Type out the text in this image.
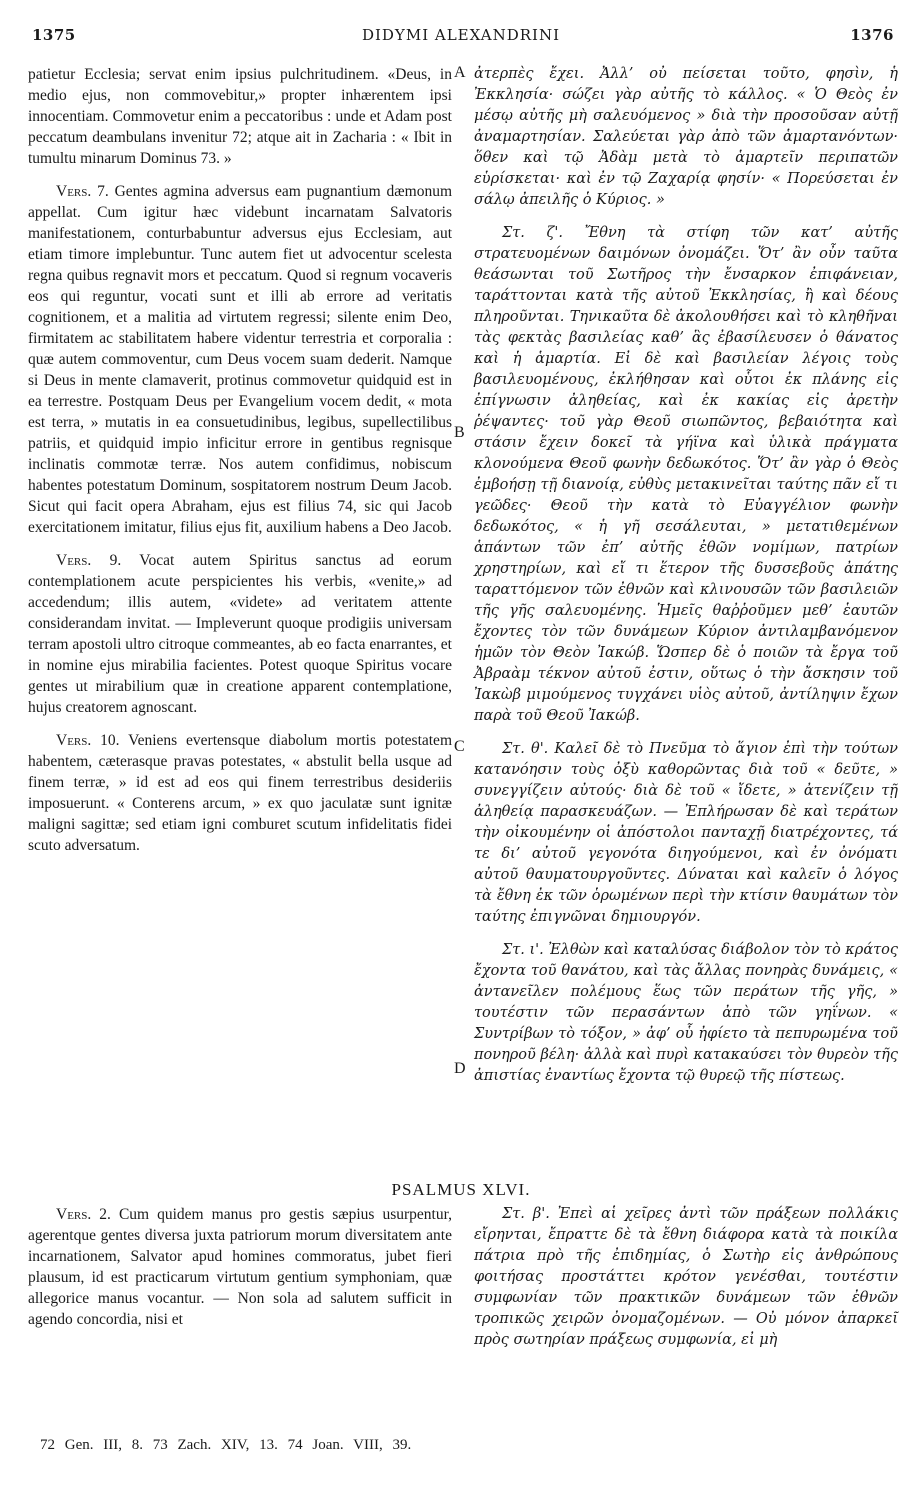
1375	DIDYMI ALEXANDRINI	1376

patietur Ecclesia; servat enim ipsius pulchritudinem. «Deus, in medio ejus, non commovebitur,» propter inhærentem ipsi innocentiam. Commovetur enim a peccatoribus : unde et Adam post peccatum deambulans invenitur 72; atque ait in Zacharia : « Ibit in tumultu minarum Dominus 73. »

Vers. 7. Gentes agmina adversus eam pugnantium dæmonum appellat. Cum igitur hæc videbunt incarnatam Salvatoris manifestationem, conturbabuntur adversus ejus Ecclesiam, aut etiam timore implebuntur. Tunc autem fiet ut advocentur scelesta regna quibus regnavit mors et peccatum. Quod si regnum vocaveris eos qui reguntur, vocati sunt et illi ab errore ad veritatis cognitionem, et a malitia ad virtutem regressi; silente enim Deo, firmitatem ac stabilitatem habere videntur terrestria et corporalia : quæ autem commoventur, cum Deus vocem suam dederit. Namque si Deus in mente clamaverit, protinus commovetur quidquid est in ea terrestre. Postquam Deus per Evangelium vocem dedit, « mota est terra, » mutatis in ea consuetudinibus, legibus, supellectilibus patriis, et quidquid impio inficitur errore in gentibus regnisque inclinatis commotæ terræ. Nos autem confidimus, nobiscum habentes potestatum Dominum, sospitatorem nostrum Deum Jacob. Sicut qui facit opera Abraham, ejus est filius 74, sic qui Jacob exercitationem imitatur, filius ejus fit, auxilium habens a Deo Jacob.

Vers. 9. Vocat autem Spiritus sanctus ad eorum contemplationem acute perspicientes his verbis, «venite,» ad accedendum; illis autem, «videte» ad veritatem attente considerandam invitat. — Impleverunt quoque prodigiis universam terram apostoli ultro citroque commeantes, ab eo facta enarrantes, et in nomine ejus mirabilia facientes. Potest quoque Spiritus vocare gentes ut mirabilium quæ in creatione apparent contemplatione, hujus creatorem agnoscant.

Vers. 10. Veniens evertensque diabolum mortis potestatem habentem, cæterasque pravas potestates, « abstulit bella usque ad finem terræ, » id est ad eos qui finem terrestribus desideriis imposuerunt. « Conterens arcum, » ex quo jaculatæ sunt ignitæ maligni sagittæ; sed etiam igni comburet scutum infidelitatis fidei scuto adversatum.

ἀτερπὲς ἔχει. Ἀλλ’ οὐ πείσεται τοῦτο, φησὶν, ἡ Ἐκκλησία· σώζει γὰρ αὐτῆς τὸ κάλλος. « Ὁ Θεὸς ἐν μέσῳ αὐτῆς μὴ σαλευόμενος » διὰ τὴν προσοῦσαν αὐτῇ ἀναμαρτησίαν. Σαλεύεται γὰρ ἀπὸ τῶν ἁμαρτανόντων· ὅθεν καὶ τῷ Ἀδὰμ μετὰ τὸ ἁμαρτεῖν περιπατῶν εὑρίσκεται· καὶ ἐν τῷ Ζαχαρίᾳ φησίν· « Πορεύσεται ἐν σάλῳ ἀπειλῆς ὁ Κύριος. »

Στ. ζ'. Ἔθνη τὰ στίφη τῶν κατ’ αὐτῆς στρατευομένων δαιμόνων ὀνομάζει. Ὅτ’ ἂν οὖν ταῦτα θεάσωνται τοῦ Σωτῆρος τὴν ἔνσαρκον ἐπιφάνειαν, ταράττονται κατὰ τῆς αὐτοῦ Ἐκκλησίας, ἢ καὶ δέους πληροῦνται. Τηνικαῦτα δὲ ἀκολουθήσει καὶ τὸ κληθῆναι τὰς φεκτὰς βασιλείας καθ’ ἃς ἐβασίλευσεν ὁ θάνατος καὶ ἡ ἁμαρτία. Εἰ δὲ καὶ βασιλείαν λέγοις τοὺς βασιλευομένους, ἐκλήθησαν καὶ οὗτοι ἐκ πλάνης εἰς ἐπίγνωσιν ἀληθείας, καὶ ἐκ κακίας εἰς ἀρετὴν ῥέψαντες· τοῦ γὰρ Θεοῦ σιωπῶντος, βεβαιότητα καὶ στάσιν ἔχειν δοκεῖ τὰ γήϊνα καὶ ὑλικὰ πράγματα κλονούμενα Θεοῦ φωνὴν δεδωκότος. Ὅτ’ ἂν γὰρ ὁ Θεὸς ἐμβοήσῃ τῇ διανοίᾳ, εὐθὺς μετακινεῖται ταύτης πᾶν εἴ τι γεῶδες· Θεοῦ τὴν κατὰ τὸ Εὐαγγέλιον φωνὴν δεδωκότος, « ἡ γῆ σεσάλευται, » μετατιθεμένων ἁπάντων τῶν ἐπ’ αὐτῆς ἐθῶν νομίμων, πατρίων χρηστηρίων, καὶ εἴ τι ἕτερον τῆς δυσσεβοῦς ἀπάτης ταραττόμενον τῶν ἐθνῶν καὶ κλινουσῶν τῶν βασιλειῶν τῆς γῆς σαλευομένης. Ἡμεῖς θαῤῥοῦμεν μεθ’ ἑαυτῶν ἔχοντες τὸν τῶν δυνάμεων Κύριον ἀντιλαμβανόμενον ἡμῶν τὸν Θεὸν Ἰακώβ. Ὥσπερ δὲ ὁ ποιῶν τὰ ἔργα τοῦ Ἀβραὰμ τέκνον αὐτοῦ ἐστιν, οὕτως ὁ τὴν ἄσκησιν τοῦ Ἰακὼβ μιμούμενος τυγχάνει υἱὸς αὐτοῦ, ἀντίληψιν ἔχων παρὰ τοῦ Θεοῦ Ἰακώβ.

Στ. θ'. Καλεῖ δὲ τὸ Πνεῦμα τὸ ἅγιον ἐπὶ τὴν τούτων κατανόησιν τοὺς ὀξὺ καθορῶντας διὰ τοῦ « δεῦτε, » συνεγγίζειν αὐτούς· διὰ δὲ τοῦ « ἴδετε, » ἀτενίζειν τῇ ἀληθείᾳ παρασκευάζων. — Ἐπλήρωσαν δὲ καὶ τεράτων τὴν οἰκουμένην οἱ ἀπόστολοι πανταχῇ διατρέχοντες, τά τε δι’ αὐτοῦ γεγονότα διηγούμενοι, καὶ ἐν ὀνόματι αὐτοῦ θαυματουργοῦντες. Δύναται καὶ καλεῖν ὁ λόγος τὰ ἔθνη ἐκ τῶν ὁρωμένων περὶ τὴν κτίσιν θαυμάτων τὸν ταύτης ἐπιγνῶναι δημιουργόν.

Στ. ι'. Ἐλθὼν καὶ καταλύσας διάβολον τὸν τὸ κράτος ἔχοντα τοῦ θανάτου, καὶ τὰς ἄλλας πονηρὰς δυνάμεις, « ἀντανεῖλεν πολέμους ἕως τῶν περάτων τῆς γῆς, » τουτέστιν τῶν περασάντων ἀπὸ τῶν γηΐνων. « Συντρίβων τὸ τόξον, » ἀφ’ οὗ ἠφίετο τὰ πεπυρωμένα τοῦ πονηροῦ βέλη· ἀλλὰ καὶ πυρὶ κατακαύσει τὸν θυρεὸν τῆς ἀπιστίας ἐναντίως ἔχοντα τῷ θυρεῷ τῆς πίστεως.

A
B
C
D
PSALMUS XLVI.

Vers. 2. Cum quidem manus pro gestis sæpius usurpentur, agerentque gentes diversa juxta patriorum morum diversitatem ante incarnationem, Salvator apud homines commoratus, jubet fieri plausum, id est practicarum virtutum gentium symphoniam, quæ allegorice manus vocantur. — Non sola ad salutem sufficit in agendo concordia, nisi et

Στ. β'. Ἐπεὶ αἱ χεῖρες ἀντὶ τῶν πράξεων πολλάκις εἴρηνται, ἔπραττε δὲ τὰ ἔθνη διάφορα κατὰ τὰ ποικίλα πάτρια πρὸ τῆς ἐπιδημίας, ὁ Σωτὴρ εἰς ἀνθρώπους φοιτήσας προστάττει κρότον γενέσθαι, τουτέστιν συμφωνίαν τῶν πρακτικῶν δυνάμεων τῶν ἐθνῶν τροπικῶς χειρῶν ὀνομαζομένων. — Οὐ μόνον ἀπαρκεῖ πρὸς σωτηρίαν πράξεως συμφωνία, εἰ μὴ

72 Gen. III, 8. 73 Zach. XIV, 13. 74 Joan. VIII, 39.
